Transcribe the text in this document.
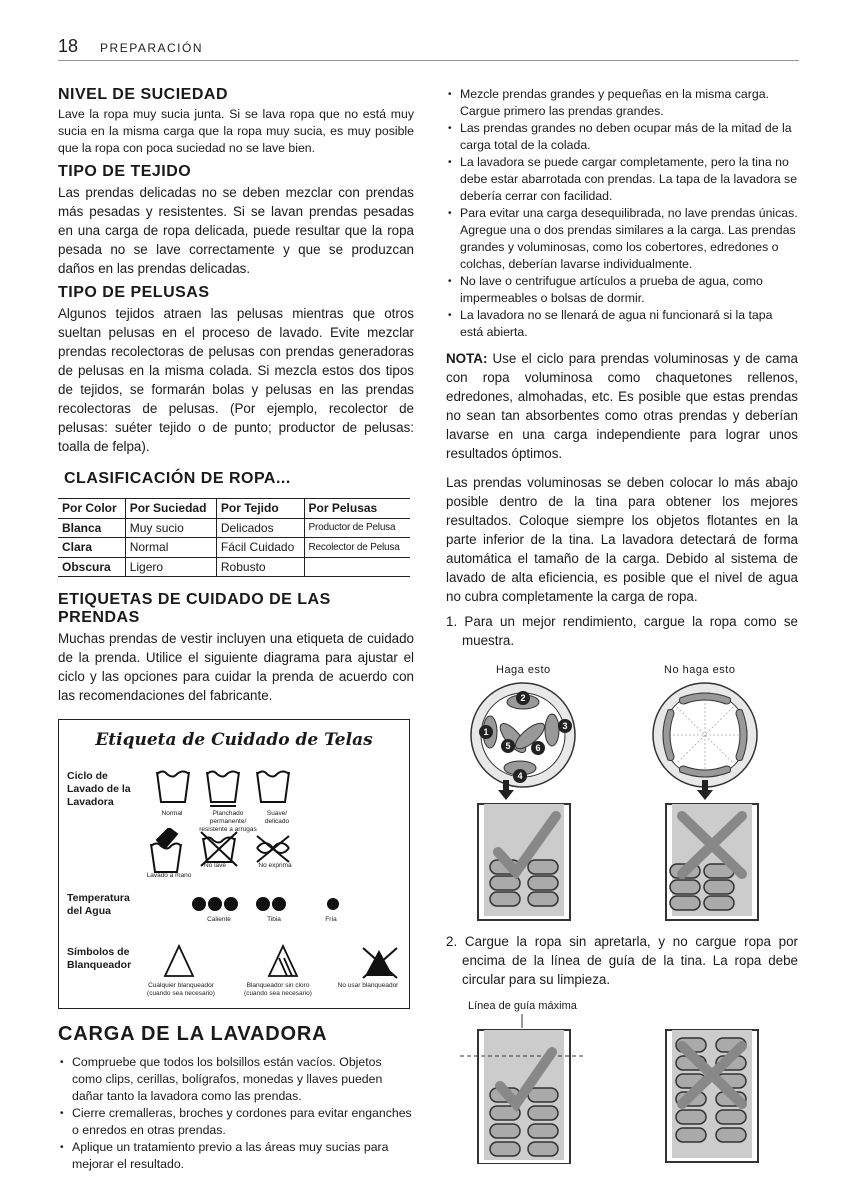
18 PREPARACIÓN
NIVEL DE SUCIEDAD

Lave la ropa muy sucia junta. Si se lava ropa que no está muy sucia en la misma carga que la ropa muy sucia, es muy posible que la ropa con poca suciedad no se lave bien.

TIPO DE TEJIDO

Las prendas delicadas no se deben mezclar con prendas más pesadas y resistentes. Si se lavan prendas pesadas en una carga de ropa delicada, puede resultar que la ropa pesada no se lave correctamente y que se produzcan daños en las prendas delicadas.

TIPO DE PELUSAS

Algunos tejidos atraen las pelusas mientras que otros sueltan pelusas en el proceso de lavado. Evite mezclar prendas recolectoras de pelusas con prendas generadoras de pelusas en la misma colada. Si mezcla estos dos tipos de tejidos, se formarán bolas y pelusas en las prendas recolectoras de pelusas. (Por ejemplo, recolector de pelusas: suéter tejido o de punto; productor de pelusas: toalla de felpa).

CLASIFICACIÓN DE ROPA...
Por Color	Por Suciedad	Por Tejido	Por Pelusas
Blanca	Muy sucio	Delicados	Productor de Pelusa
Clara	Normal	Fácil Cuidado	Recolector de Pelusa
Obscura	Ligero	Robusto	
ETIQUETAS DE CUIDADO DE LAS PRENDAS

Muchas prendas de vestir incluyen una etiqueta de cuidado de la prenda. Utilice el siguiente diagrama para ajustar el ciclo y las opciones para cuidar la prenda de acuerdo con las recomendaciones del fabricante.

Etiqueta de Cuidado de Telas
Ciclo de Lavado de la Lavadora
Normal	Planchado permanente/ resistente a arrugas
Suave/ delicado
Lavado a mano
No lave	No exprima
Temperatura del Agua
Caliente	Tibia	Fría
Símbolos de Blanqueador
Cualquier blanqueador (cuando sea necesario)
Blanqueador sin cloro (cuando sea necesario)
No usar blanqueador
CARGA DE LA LAVADORA
• Compruebe que todos los bolsillos están vacíos. Objetos como clips, cerillas, bolígrafos, monedas y llaves pueden dañar tanto la lavadora como las prendas.
• Cierre cremalleras, broches y cordones para evitar enganches o enredos en otras prendas.
• Aplique un tratamiento previo a las áreas muy sucias para mejorar el resultado.
• Mezcle prendas grandes y pequeñas en la misma carga. Cargue primero las prendas grandes.
• Las prendas grandes no deben ocupar más de la mitad de la carga total de la colada.
• La lavadora se puede cargar completamente, pero la tina no debe estar abarrotada con prendas. La tapa de la lavadora se debería cerrar con facilidad.
• Para evitar una carga desequilibrada, no lave prendas únicas. Agregue una o dos prendas similares a la carga. Las prendas grandes y voluminosas, como los cobertores, edredones o colchas, deberían lavarse individualmente.
• No lave o centrifugue artículos a prueba de agua, como impermeables o bolsas de dormir.
• La lavadora no se llenará de agua ni funcionará si la tapa está abierta.

NOTA: Use el ciclo para prendas voluminosas y de cama con ropa voluminosa como chaquetones rellenos, edredones, almohadas, etc. Es posible que estas prendas no sean tan absorbentes como otras prendas y deberían lavarse en una carga independiente para lograr unos resultados óptimos.

Las prendas voluminosas se deben colocar lo más abajo posible dentro de la tina para obtener los mejores resultados. Coloque siempre los objetos flotantes en la parte inferior de la tina. La lavadora detectará de forma automática el tamaño de la carga. Debido al sistema de lavado de alta eficiencia, es posible que el nivel de agua no cubra completamente la carga de ropa.

1. Para un mejor rendimiento, cargue la ropa como se muestra.

Haga esto	No haga esto
1
2
3
4
5	6

2. Cargue la ropa sin apretarla, y no cargue ropa por encima de la línea de guía de la tina. La ropa debe circular para su limpieza.

Línea de guía máxima
